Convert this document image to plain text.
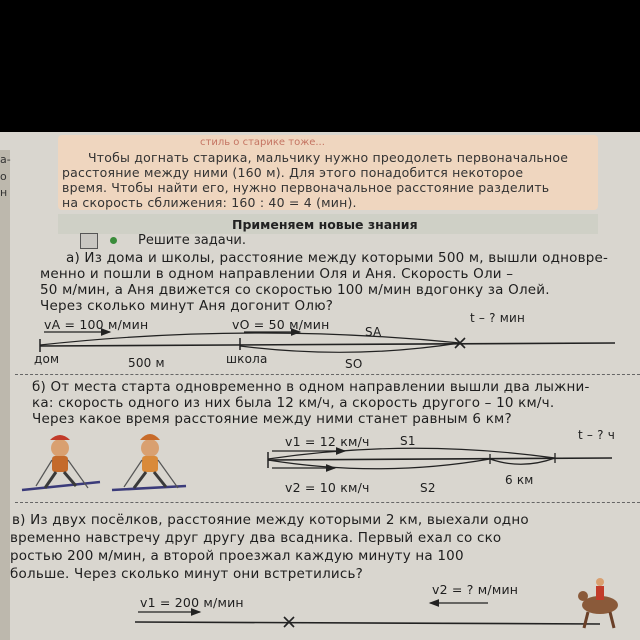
а-
о
н
стиль о старике тоже...
Чтобы догнать старика, мальчику нужно преодолеть первоначальное
расстояние между ними (160 м). Для этого понадобится некоторое
время. Чтобы найти его, нужно первоначальное расстояние разделить
на скорость сближения: 160 : 40 = 4 (мин).
Применяем новые знания
Решите задачи.
а) Из дома и школы, расстояние между которыми 500 м, вышли одновре-
менно и пошли в одном направлении Оля и Аня. Скорость Оли –
50 м/мин, а Аня движется со скоростью 100 м/мин вдогонку за Олей.
Через сколько минут Аня догонит Олю?
vA = 100 м/мин	vO = 50 м/мин	SA
t – ? мин
дом	500 м	школа	SO
б) От места старта одновременно в одном направлении вышли два лыжни-
ка: скорость одного из них была 12 км/ч, а скорость другого – 10 км/ч.
Через какое время расстояние между ними станет равным 6 км?
v1 = 12 км/ч	S1	t – ? ч
v2 = 10 км/ч	S2
6 км
в) Из двух посёлков, расстояние между которыми 2 км, выехали одно
временно навстречу друг другу два всадника. Первый ехал со ско
ростью 200 м/мин, а второй проезжал каждую минуту на 100
больше. Через сколько минут они встретились?
v1 = 200 м/мин
v2 = ? м/мин
